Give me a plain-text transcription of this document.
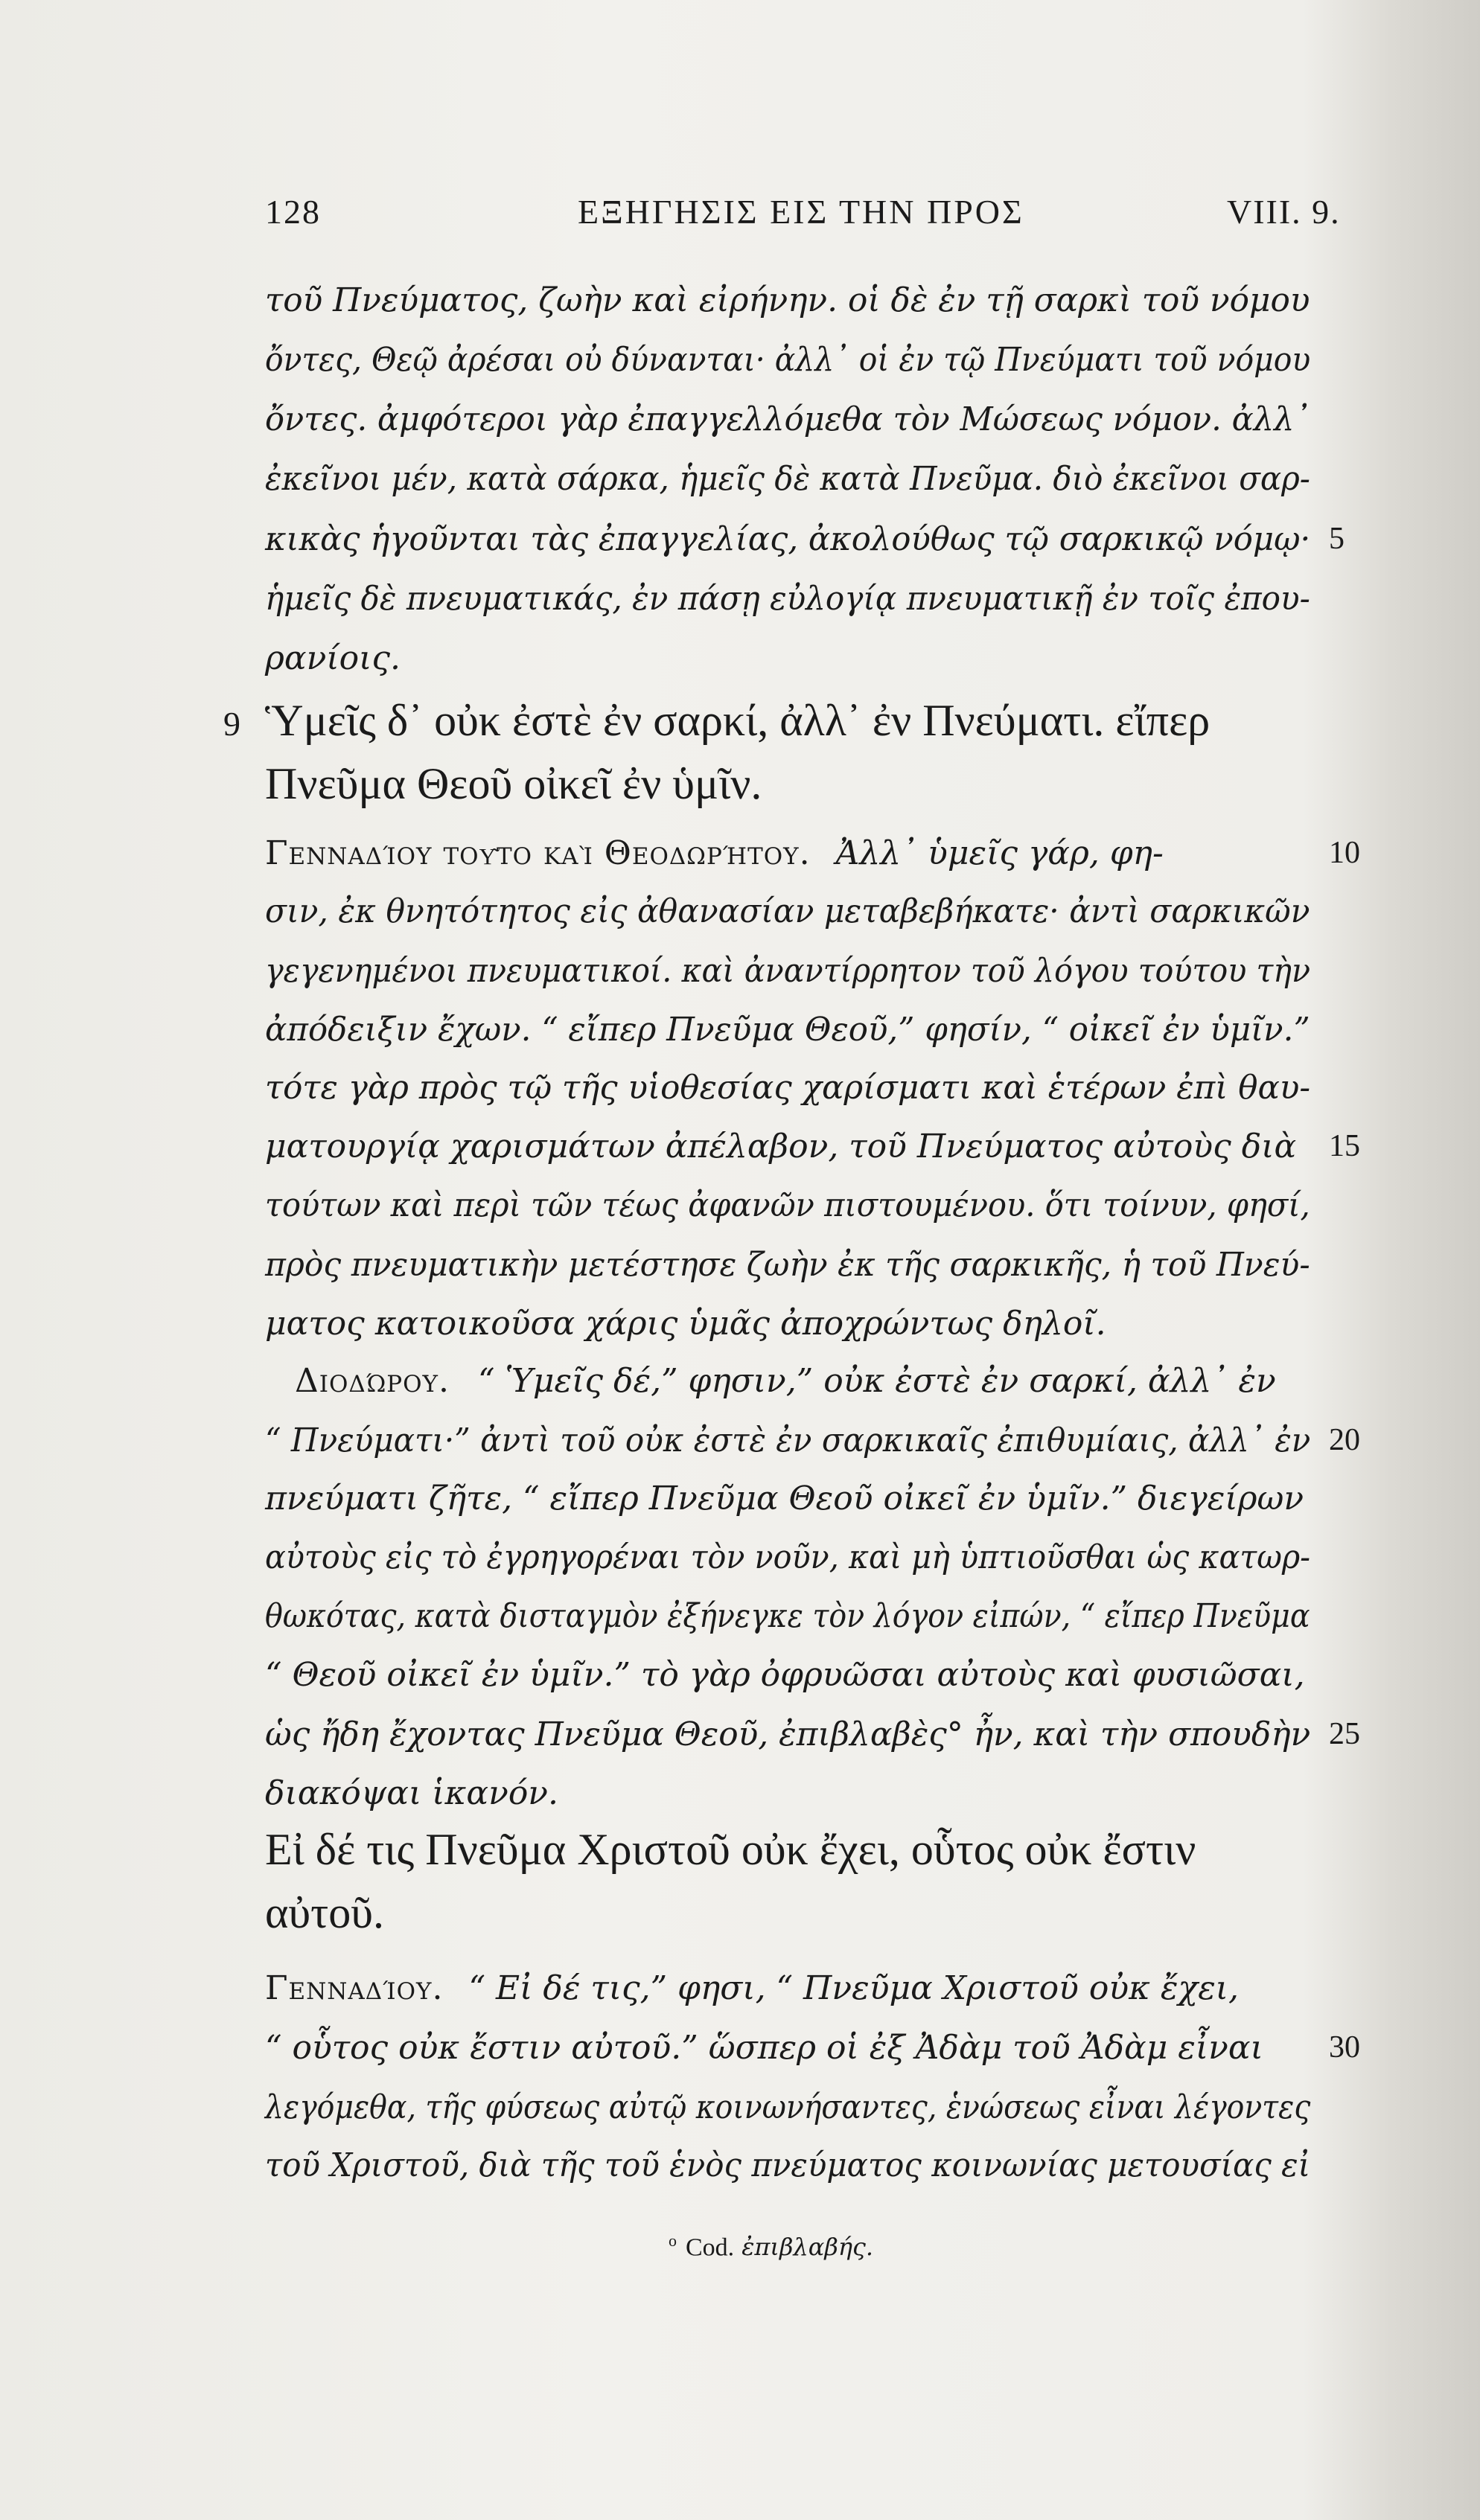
128	ΕΞΗΓΗΣΙΣ ΕΙΣ ΤΗΝ ΠΡΟΣ	VIII. 9.
τοῦ Πνεύματος, ζωὴν καὶ εἰρήνην. οἱ δὲ ἐν τῇ σαρκὶ τοῦ νόμου
ὄντες, Θεῷ ἀρέσαι οὐ δύνανται· ἀλλ᾽ οἱ ἐν τῷ Πνεύματι τοῦ νόμου
ὄντες. ἀμφότεροι γὰρ ἐπαγγελλόμεθα τὸν Μώσεως νόμον. ἀλλ᾽
ἐκεῖνοι μέν, κατὰ σάρκα, ἡμεῖς δὲ κατὰ Πνεῦμα. διὸ ἐκεῖνοι σαρ-
κικὰς ἡγοῦνται τὰς ἐπαγγελίας, ἀκολούθως τῷ σαρκικῷ νόμῳ·
ἡμεῖς δὲ πνευματικάς, ἐν πάσῃ εὐλογίᾳ πνευματικῇ ἐν τοῖς ἐπου-
ρανίοις.
9 Ὑμεῖς δ᾽ οὐκ ἐστὲ ἐν σαρκί, ἀλλ᾽ ἐν Πνεύματι. εἴπερ
Πνεῦμα Θεοῦ οἰκεῖ ἐν ὑμῖν.
Γενναδίου τοῦτο καὶ Θεοδωρήτου. Ἀλλ᾽ ὑμεῖς γάρ, φη-
σιν, ἐκ θνητότητος εἰς ἀθανασίαν μεταβεβήκατε· ἀντὶ σαρκικῶν
γεγενημένοι πνευματικοί. καὶ ἀναντίρρητον τοῦ λόγου τούτου τὴν
ἀπόδειξιν ἔχων. “ εἴπερ Πνεῦμα Θεοῦ,” φησίν, “ οἰκεῖ ἐν ὑμῖν.”
τότε γὰρ πρὸς τῷ τῆς υἱοθεσίας χαρίσματι καὶ ἑτέρων ἐπὶ θαυ-
ματουργίᾳ χαρισμάτων ἀπέλαβον, τοῦ Πνεύματος αὐτοὺς διὰ
τούτων καὶ περὶ τῶν τέως ἀφανῶν πιστουμένου. ὅτι τοίνυν, φησί,
πρὸς πνευματικὴν μετέστησε ζωὴν ἐκ τῆς σαρκικῆς, ἡ τοῦ Πνεύ-
ματος κατοικοῦσα χάρις ὑμᾶς ἀποχρώντως δηλοῖ.
Διοδώρου. “ Ὑμεῖς δέ,” φησιν,” οὐκ ἐστὲ ἐν σαρκί, ἀλλ᾽ ἐν
“ Πνεύματι·” ἀντὶ τοῦ οὐκ ἐστὲ ἐν σαρκικαῖς ἐπιθυμίαις, ἀλλ᾽ ἐν
πνεύματι ζῆτε, “ εἴπερ Πνεῦμα Θεοῦ οἰκεῖ ἐν ὑμῖν.” διεγείρων
αὐτοὺς εἰς τὸ ἐγρηγορέναι τὸν νοῦν, καὶ μὴ ὑπτιοῦσθαι ὡς κατωρ-
θωκότας, κατὰ δισταγμὸν ἐξήνεγκε τὸν λόγον εἰπών, “ εἴπερ Πνεῦμα
“ Θεοῦ οἰκεῖ ἐν ὑμῖν.” τὸ γὰρ ὀφρυῶσαι αὐτοὺς καὶ φυσιῶσαι,
ὡς ἤδη ἔχοντας Πνεῦμα Θεοῦ, ἐπιβλαβὲς° ἦν, καὶ τὴν σπουδὴν
διακόψαι ἱκανόν.
Εἰ δέ τις Πνεῦμα Χριστοῦ οὐκ ἔχει, οὗτος οὐκ ἔστιν
αὐτοῦ.
Γενναδίου. “ Εἰ δέ τις,” φησι, “ Πνεῦμα Χριστοῦ οὐκ ἔχει,
“ οὗτος οὐκ ἔστιν αὐτοῦ.” ὥσπερ οἱ ἐξ Ἀδὰμ τοῦ Ἀδὰμ εἶναι
λεγόμεθα, τῆς φύσεως αὐτῷ κοινωνήσαντες, ἑνώσεως εἶναι λέγοντες
τοῦ Χριστοῦ, διὰ τῆς τοῦ ἑνὸς πνεύματος κοινωνίας μετουσίας εἰ
5
10
15
20
25
30
$^o$ Cod. ἐπιβλαβής.
